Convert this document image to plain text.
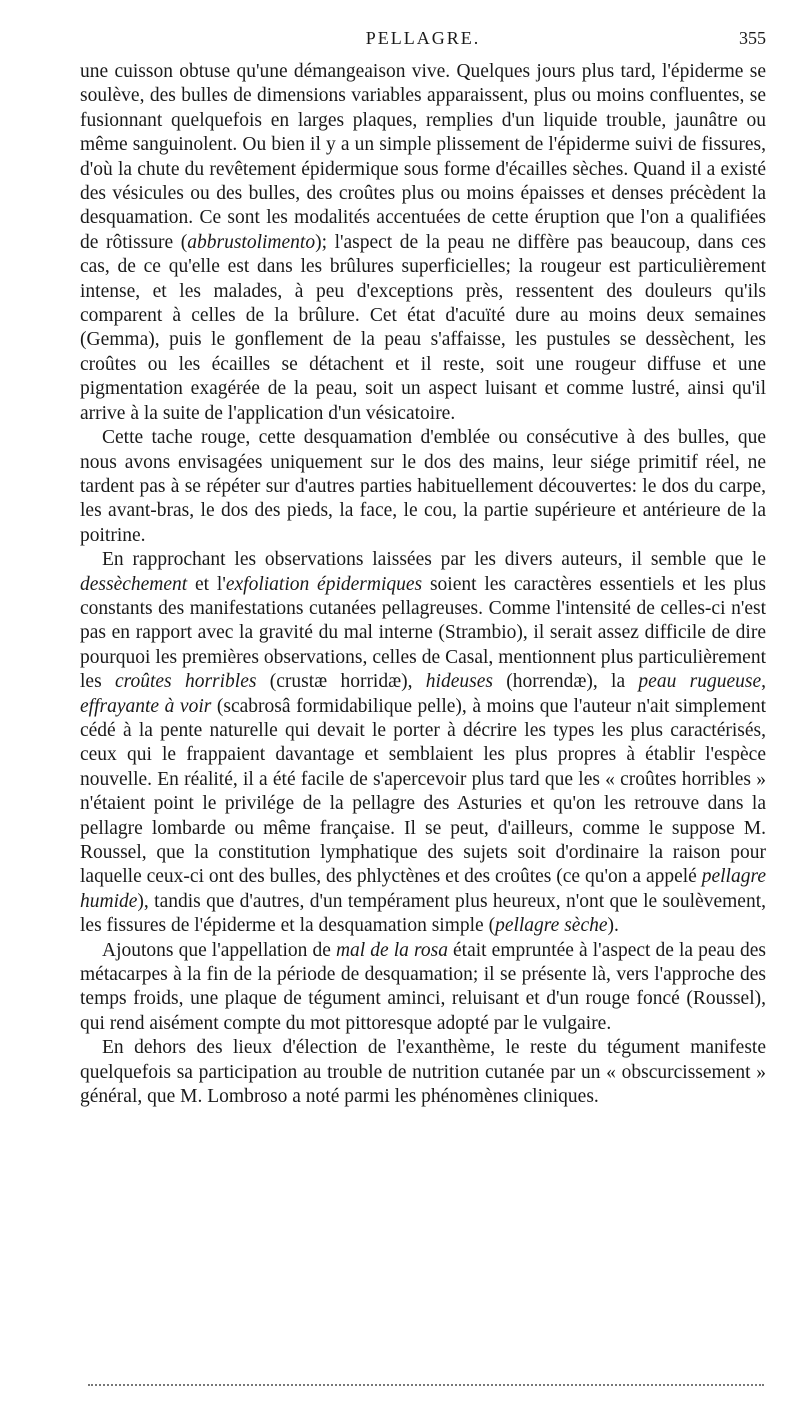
PELLAGRE.	355

une cuisson obtuse qu'une démangeaison vive. Quelques jours plus tard, l'épiderme se soulève, des bulles de dimensions variables apparaissent, plus ou moins confluentes, se fusionnant quelquefois en larges plaques, remplies d'un liquide trouble, jaunâtre ou même sanguinolent. Ou bien il y a un simple plissement de l'épiderme suivi de fissures, d'où la chute du revêtement épidermique sous forme d'écailles sèches. Quand il a existé des vésicules ou des bulles, des croûtes plus ou moins épaisses et denses précèdent la desquamation. Ce sont les modalités accentuées de cette éruption que l'on a qualifiées de rôtissure (abbrustolimento); l'aspect de la peau ne diffère pas beaucoup, dans ces cas, de ce qu'elle est dans les brûlures superficielles; la rougeur est particulièrement intense, et les malades, à peu d'exceptions près, ressentent des douleurs qu'ils comparent à celles de la brûlure. Cet état d'acuïté dure au moins deux semaines (Gemma), puis le gonflement de la peau s'affaisse, les pustules se dessèchent, les croûtes ou les écailles se détachent et il reste, soit une rougeur diffuse et une pigmentation exagérée de la peau, soit un aspect luisant et comme lustré, ainsi qu'il arrive à la suite de l'application d'un vésicatoire.

Cette tache rouge, cette desquamation d'emblée ou consécutive à des bulles, que nous avons envisagées uniquement sur le dos des mains, leur siége primitif réel, ne tardent pas à se répéter sur d'autres parties habituellement découvertes: le dos du carpe, les avant-bras, le dos des pieds, la face, le cou, la partie supérieure et antérieure de la poitrine.

En rapprochant les observations laissées par les divers auteurs, il semble que le dessèchement et l'exfoliation épidermiques soient les caractères essentiels et les plus constants des manifestations cutanées pellagreuses. Comme l'intensité de celles-ci n'est pas en rapport avec la gravité du mal interne (Strambio), il serait assez difficile de dire pourquoi les premières observations, celles de Casal, mentionnent plus particulièrement les croûtes horribles (crustæ horridæ), hideuses (horrendæ), la peau rugueuse, effrayante à voir (scabrosâ formidabilique pelle), à moins que l'auteur n'ait simplement cédé à la pente naturelle qui devait le porter à décrire les types les plus caractérisés, ceux qui le frappaient davantage et semblaient les plus propres à établir l'espèce nouvelle. En réalité, il a été facile de s'apercevoir plus tard que les « croûtes horribles » n'étaient point le privilége de la pellagre des Asturies et qu'on les retrouve dans la pellagre lombarde ou même française. Il se peut, d'ailleurs, comme le suppose M. Roussel, que la constitution lymphatique des sujets soit d'ordinaire la raison pour laquelle ceux-ci ont des bulles, des phlyctènes et des croûtes (ce qu'on a appelé pellagre humide), tandis que d'autres, d'un tempérament plus heureux, n'ont que le soulèvement, les fissures de l'épiderme et la desquamation simple (pellagre sèche).

Ajoutons que l'appellation de mal de la rosa était empruntée à l'aspect de la peau des métacarpes à la fin de la période de desquamation; il se présente là, vers l'approche des temps froids, une plaque de tégument aminci, reluisant et d'un rouge foncé (Roussel), qui rend aisément compte du mot pittoresque adopté par le vulgaire.

En dehors des lieux d'élection de l'exanthème, le reste du tégument manifeste quelquefois sa participation au trouble de nutrition cutanée par un « obscurcissement » général, que M. Lombroso a noté parmi les phénomènes cliniques.
